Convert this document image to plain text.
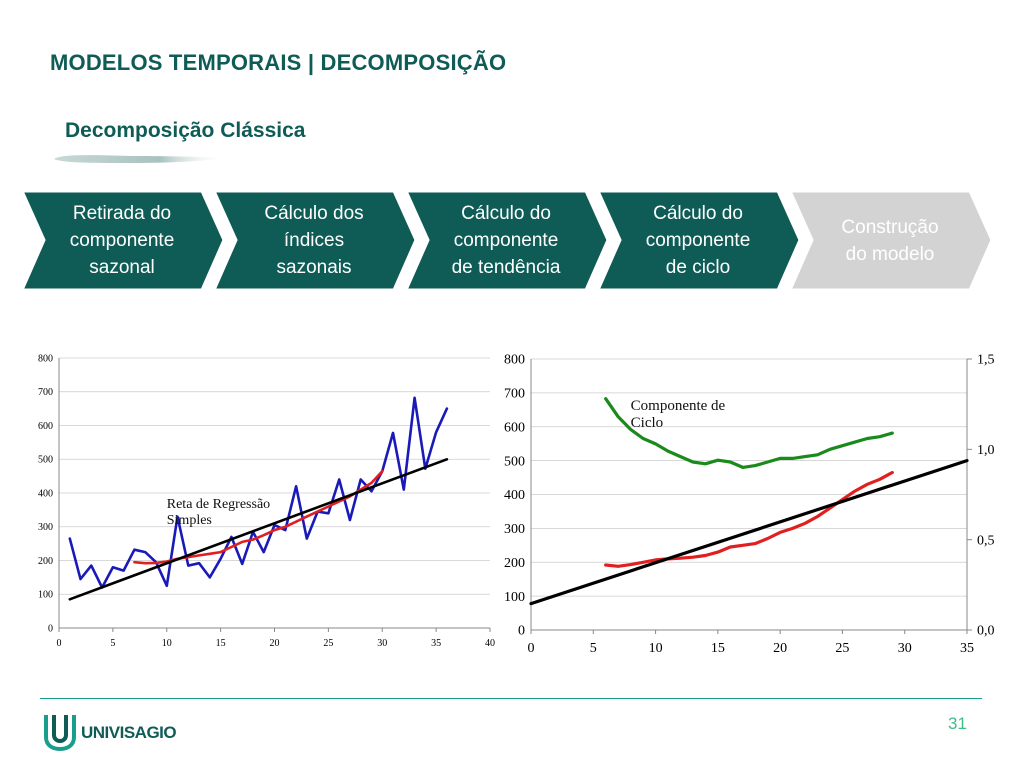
MODELOS TEMPORAIS | DECOMPOSIÇÃO
Decomposição Clássica
Retirada do
componente
sazonal
Cálculo dos
índices
sazonais
Cálculo do
componente
de tendência
Cálculo do
componente
de ciclo
Construção
do modelo
0
100
200
300
400
500
600
700
800
0	5	10	15	20	25	30	35	40
Reta de Regressão Simples
0
100
200
300
400
500
600
700
800
0,0
0,5
1,0
1,5
0	5	10	15	20	25	30	35
Componente de Ciclo
UNIVISAGIO	31
